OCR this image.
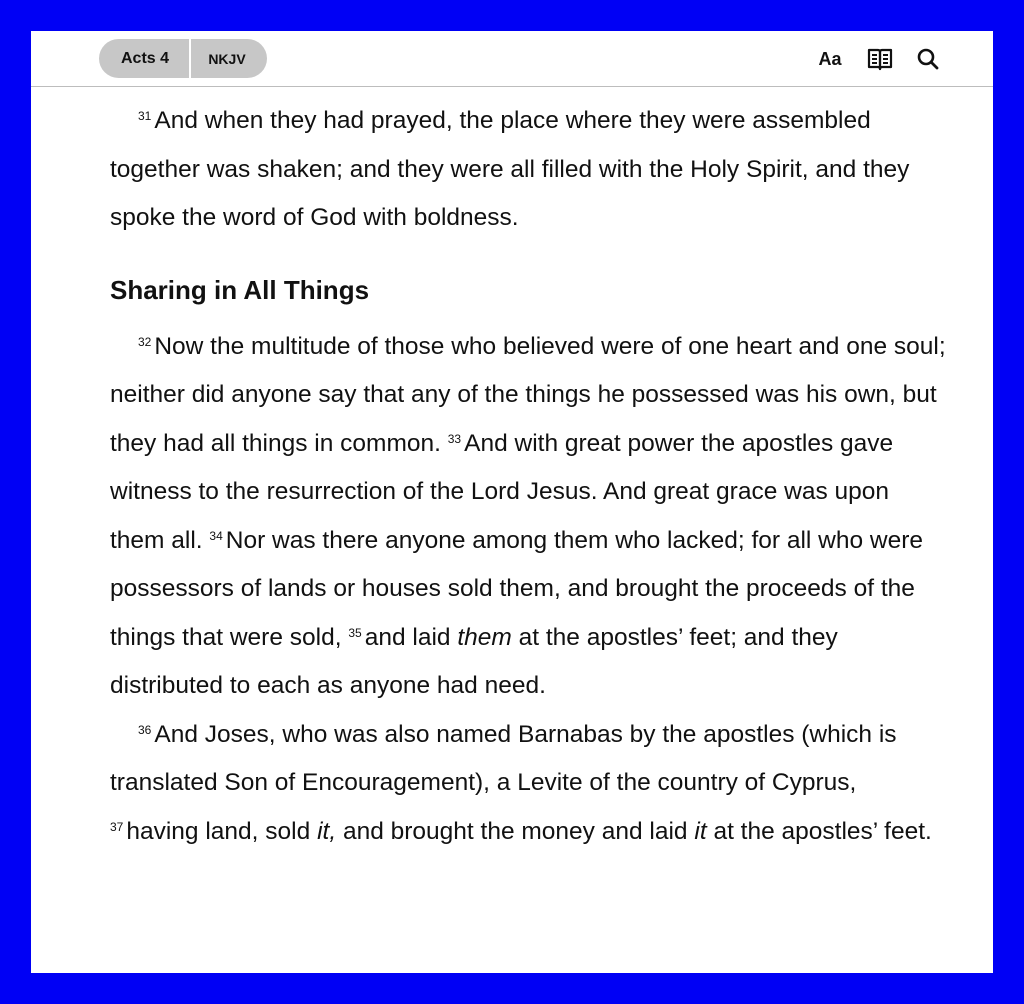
Acts 4	NKJV	Aa

$^{31}$ And when they had prayed, the place where they were assembled together was shaken; and they were all filled with the Holy Spirit, and they spoke the word of God with boldness.

Sharing in All Things

$^{32}$ Now the multitude of those who believed were of one heart and one soul; neither did anyone say that any of the things he possessed was his own, but they had all things in common. $^{33}$ And with great power the apostles gave witness to the resurrection of the Lord Jesus. And great grace was upon them all. $^{34}$ Nor was there anyone among them who lacked; for all who were possessors of lands or houses sold them, and brought the proceeds of the things that were sold, $^{35}$ and laid them at the apostles’ feet; and they distributed to each as anyone had need.

$^{36}$ And Joses, who was also named Barnabas by the apostles (which is translated Son of Encouragement), a Levite of the country of Cyprus, $^{37}$ having land, sold it, and brought the money and laid it at the apostles’ feet.
